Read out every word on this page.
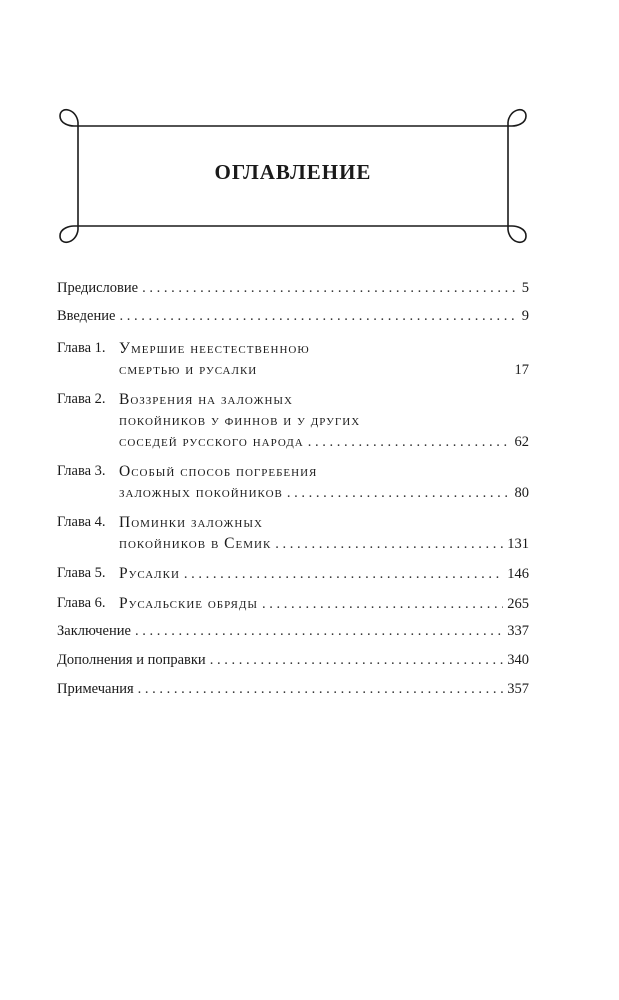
ОГЛАВЛЕНИЕ
Предисловие . . .	5
Введение . . .	9
Глава 1. Умершие неестественною
смертью и русалки	17
Глава 2. Воззрения на заложных
покойников у финнов и у других
соседей русского народа . . .	62
Глава 3. Особый способ погребения
заложных покойников . . .	80
Глава 4. Поминки заложных
покойников в Семик . . .	131
Глава 5. Русалки . . .	146
Глава 6. Русальские обряды . . .	265
Заключение . . .	337
Дополнения и поправки . . .	340
Примечания . . .	357
